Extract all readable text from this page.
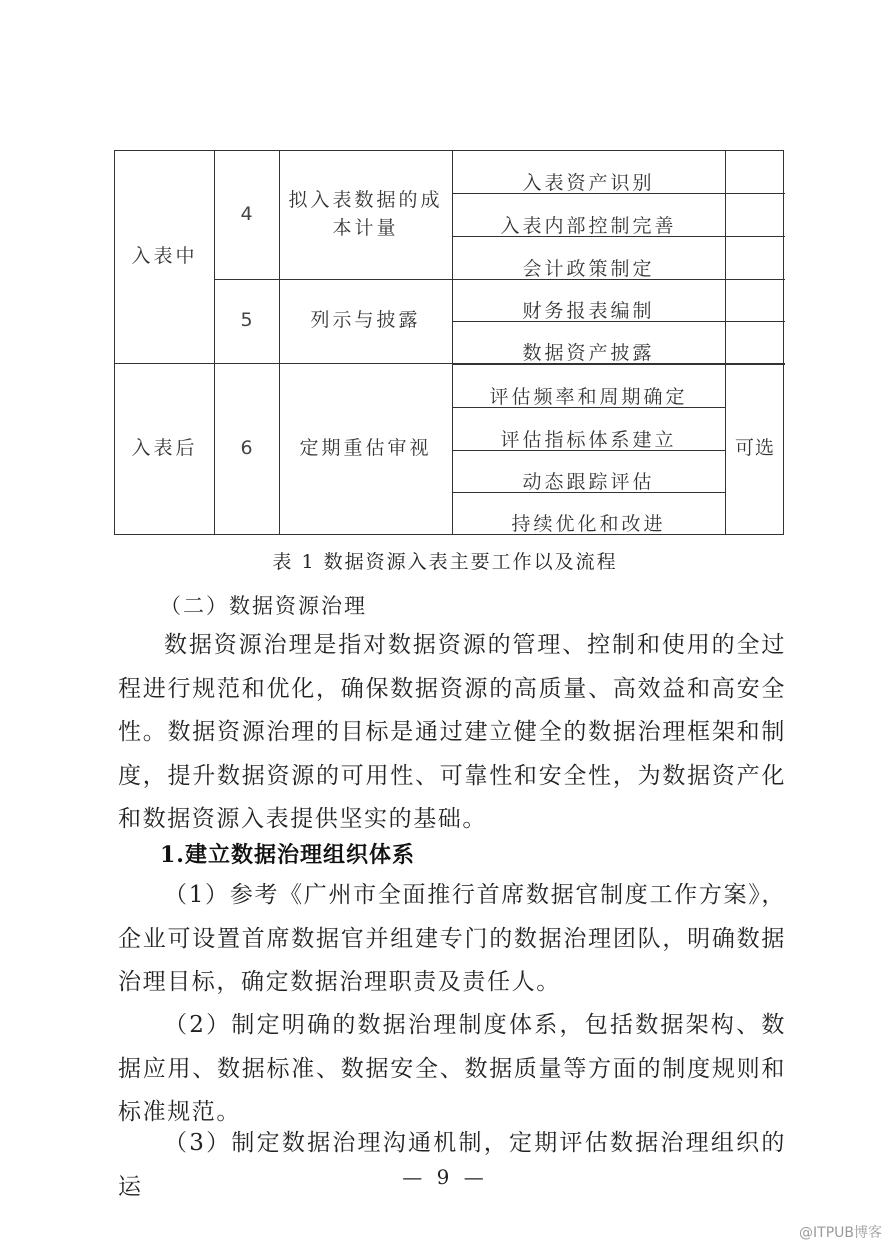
入表中
入表后
4
5
6
拟入表数据的成
本计量
列示与披露
定期重估审视
入表资产识别
入表内部控制完善
会计政策制定
财务报表编制
数据资产披露
评估频率和周期确定
评估指标体系建立
动态跟踪评估
持续优化和改进
可选
表 1 数据资源入表主要工作以及流程
（二）数据资源治理
数据资源治理是指对数据资源的管理、控制和使用的全过程进行规范和优化，确保数据资源的高质量、高效益和高安全性。数据资源治理的目标是通过建立健全的数据治理框架和制度，提升数据资源的可用性、可靠性和安全性，为数据资产化和数据资源入表提供坚实的基础。
1.建立数据治理组织体系
（1）参考《广州市全面推行首席数据官制度工作方案》，企业可设置首席数据官并组建专门的数据治理团队，明确数据治理目标，确定数据治理职责及责任人。
（2）制定明确的数据治理制度体系，包括数据架构、数据应用、数据标准、数据安全、数据质量等方面的制度规则和标准规范。
（3）制定数据治理沟通机制，定期评估数据治理组织的运	— 9 —
@ITPUB博客
